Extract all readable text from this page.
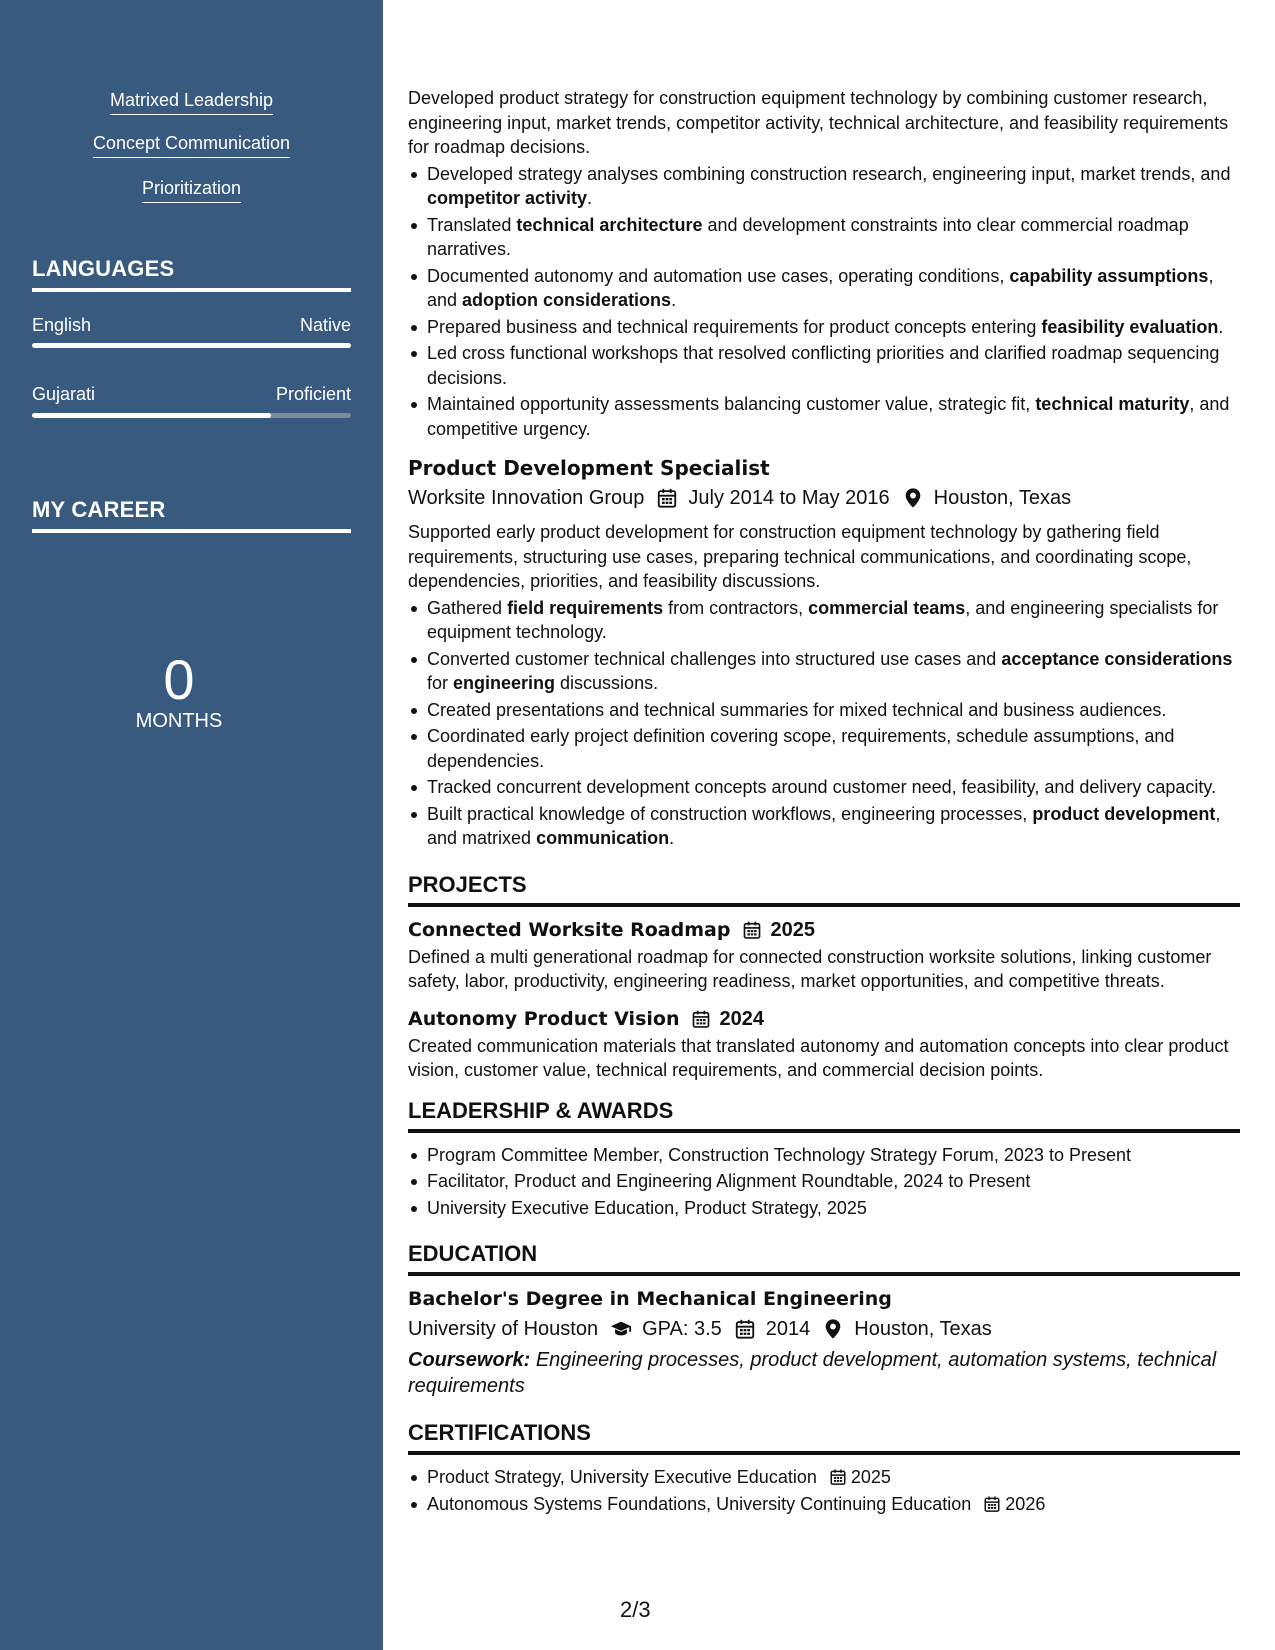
Matrixed Leadership
Concept Communication
Prioritization
LANGUAGES
English	Native
Gujarati	Proficient
MY CAREER
0
MONTHS

Developed product strategy for construction equipment technology by combining customer research, engineering input, market trends, competitor activity, technical architecture, and feasibility requirements for roadmap decisions.

Developed strategy analyses combining construction research, engineering input, market trends, and competitor activity.
Translated technical architecture and development constraints into clear commercial roadmap narratives.
Documented autonomy and automation use cases, operating conditions, capability assumptions, and adoption considerations.
Prepared business and technical requirements for product concepts entering feasibility evaluation.
Led cross functional workshops that resolved conflicting priorities and clarified roadmap sequencing decisions.
Maintained opportunity assessments balancing customer value, strategic fit, technical maturity, and competitive urgency.
Product Development Specialist
Worksite Innovation Group July 2014 to May 2016 Houston, Texas

Supported early product development for construction equipment technology by gathering field requirements, structuring use cases, preparing technical communications, and coordinating scope, dependencies, priorities, and feasibility discussions.

Gathered field requirements from contractors, commercial teams, and engineering specialists for equipment technology.
Converted customer technical challenges into structured use cases and acceptance considerations for engineering discussions.
Created presentations and technical summaries for mixed technical and business audiences.
Coordinated early project definition covering scope, requirements, schedule assumptions, and dependencies.
Tracked concurrent development concepts around customer need, feasibility, and delivery capacity.
Built practical knowledge of construction workflows, engineering processes, product development, and matrixed communication.
PROJECTS
Connected Worksite Roadmap 2025

Defined a multi generational roadmap for connected construction worksite solutions, linking customer safety, labor, productivity, engineering readiness, market opportunities, and competitive threats.

Autonomy Product Vision 2024

Created communication materials that translated autonomy and automation concepts into clear product vision, customer value, technical requirements, and commercial decision points.

LEADERSHIP & AWARDS
Program Committee Member, Construction Technology Strategy Forum, 2023 to Present
Facilitator, Product and Engineering Alignment Roundtable, 2024 to Present
University Executive Education, Product Strategy, 2025
EDUCATION
Bachelor's Degree in Mechanical Engineering
University of Houston GPA: 3.5 2014 Houston, Texas
Coursework: Engineering processes, product development, automation systems, technical requirements
CERTIFICATIONS
Product Strategy, University Executive Education 2025
Autonomous Systems Foundations, University Continuing Education 2026
2/3
